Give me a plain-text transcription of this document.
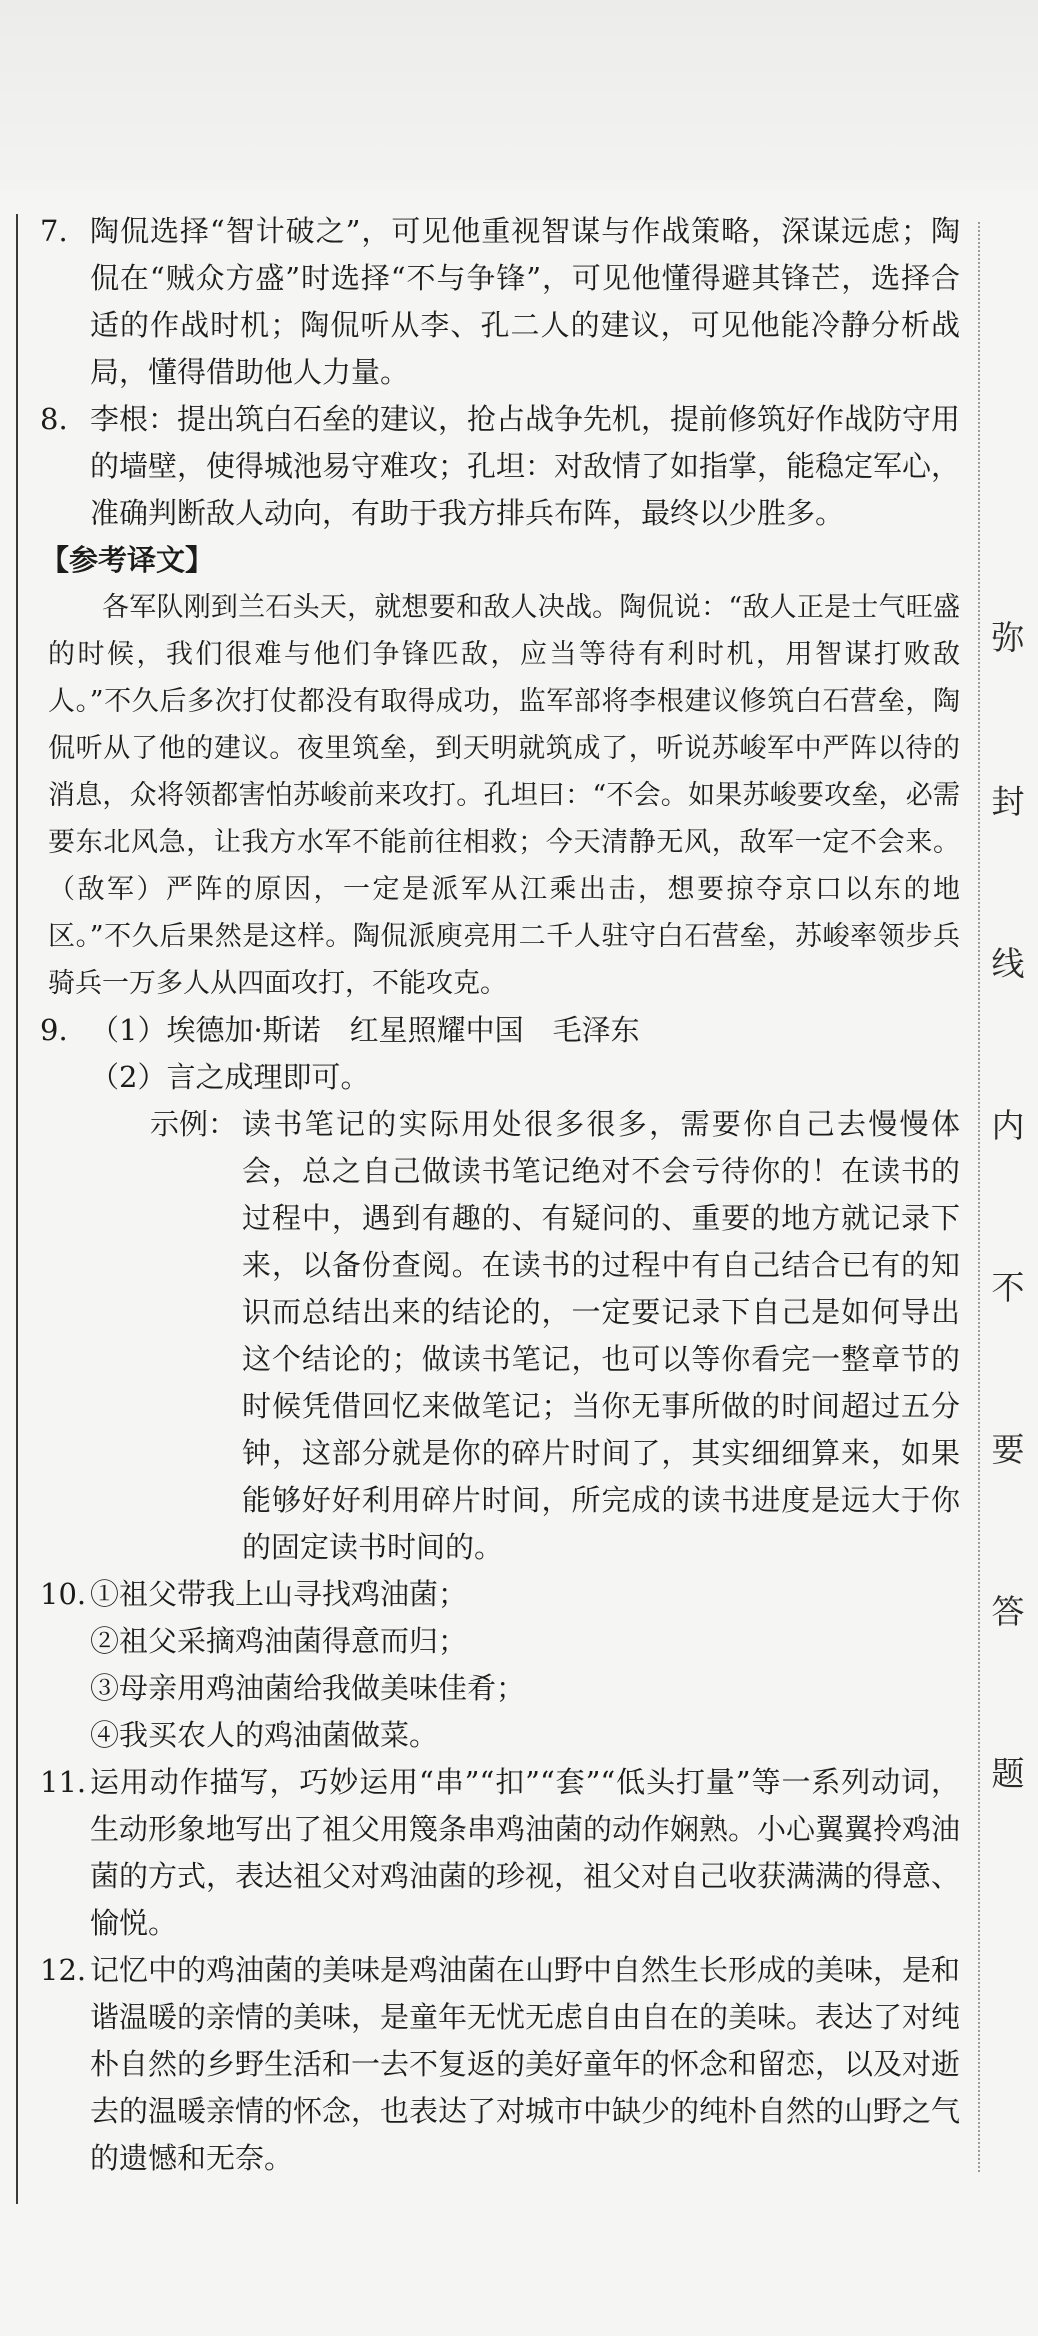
弥
封
线
内
不
要
答
题
7. 陶侃选择“智计破之”，可见他重视智谋与作战策略，深谋远虑；陶侃在“贼众方盛”时选择“不与争锋”，可见他懂得避其锋芒，选择合适的作战时机；陶侃听从李、孔二人的建议，可见他能冷静分析战局，懂得借助他人力量。
8. 李根：提出筑白石垒的建议，抢占战争先机，提前修筑好作战防守用的墙壁，使得城池易守难攻；孔坦：对敌情了如指掌，能稳定军心，准确判断敌人动向，有助于我方排兵布阵，最终以少胜多。
【参考译文】
各军队刚到兰石头天，就想要和敌人决战。陶侃说：“敌人正是士气旺盛的时候，我们很难与他们争锋匹敌，应当等待有利时机，用智谋打败敌人。”不久后多次打仗都没有取得成功，监军部将李根建议修筑白石营垒，陶侃听从了他的建议。夜里筑垒，到天明就筑成了，听说苏峻军中严阵以待的消息，众将领都害怕苏峻前来攻打。孔坦曰：“不会。如果苏峻要攻垒，必需要东北风急，让我方水军不能前往相救；今天清静无风，敌军一定不会来。（敌军）严阵的原因，一定是派军从江乘出击，想要掠夺京口以东的地区。”不久后果然是这样。陶侃派庾亮用二千人驻守白石营垒，苏峻率领步兵骑兵一万多人从四面攻打，不能攻克。
9. （1） 埃德加·斯诺　红星照耀中国　毛泽东
（2） 言之成理即可。
示例： 读书笔记的实际用处很多很多，需要你自己去慢慢体会，总之自己做读书笔记绝对不会亏待你的！在读书的过程中，遇到有趣的、有疑问的、重要的地方就记录下来，以备份查阅。在读书的过程中有自己结合已有的知识而总结出来的结论的，一定要记录下自己是如何导出这个结论的；做读书笔记，也可以等你看完一整章节的时候凭借回忆来做笔记；当你无事所做的时间超过五分钟，这部分就是你的碎片时间了，其实细细算来，如果能够好好利用碎片时间，所完成的读书进度是远大于你的固定读书时间的。
10. ①祖父带我上山寻找鸡油菌；
②祖父采摘鸡油菌得意而归；
③母亲用鸡油菌给我做美味佳肴；
④我买农人的鸡油菌做菜。
11. 运用动作描写，巧妙运用“串”“扣”“套”“低头打量”等一系列动词，生动形象地写出了祖父用篾条串鸡油菌的动作娴熟。小心翼翼拎鸡油菌的方式，表达祖父对鸡油菌的珍视，祖父对自己收获满满的得意、愉悦。
12. 记忆中的鸡油菌的美味是鸡油菌在山野中自然生长形成的美味，是和谐温暖的亲情的美味，是童年无忧无虑自由自在的美味。表达了对纯朴自然的乡野生活和一去不复返的美好童年的怀念和留恋，以及对逝去的温暖亲情的怀念，也表达了对城市中缺少的纯朴自然的山野之气的遗憾和无奈。
